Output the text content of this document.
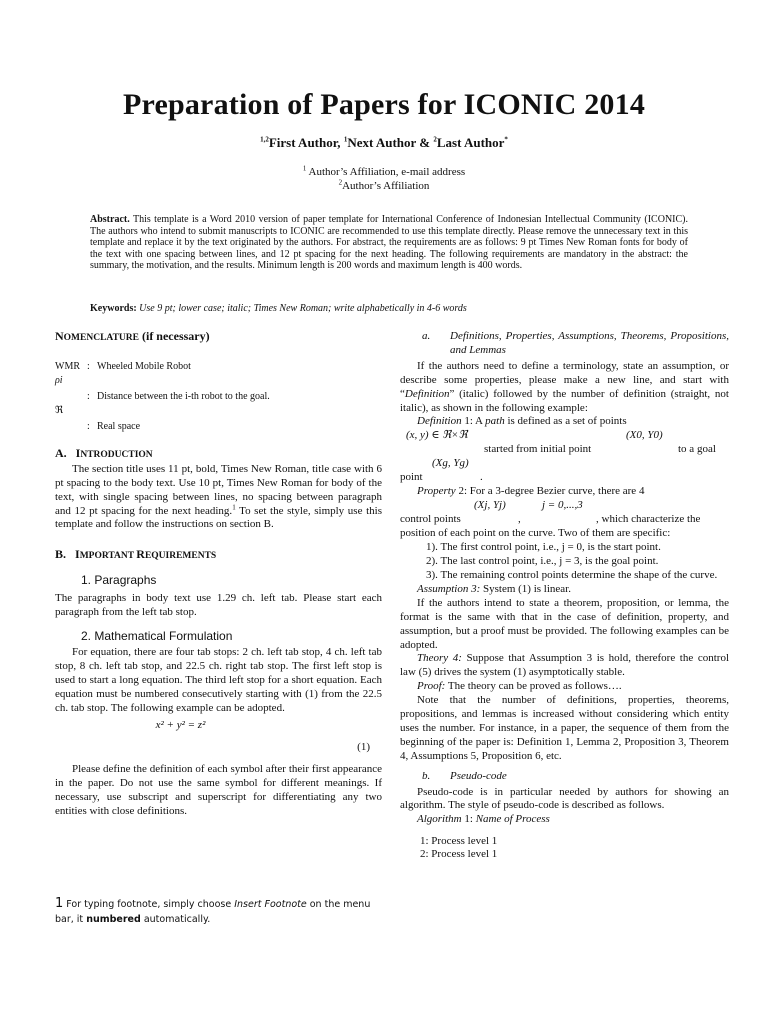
Preparation of Papers for ICONIC 2014
$^{1,2}$First Author, $^1$Next Author & $^2$Last Author*
$^1$ Author’s Affiliation, e-mail address
$^2$Author’s Affiliation
Abstract. This template is a Word 2010 version of paper template for International Conference of Indonesian Intellectual Community (ICONIC). The authors who intend to submit manuscripts to ICONIC are recommended to use this template directly. Please remove the unnecessary text in this template and replace it by the text originated by the authors. For abstract, the requirements are as follows: 9 pt Times New Roman fonts for body of the text with one spacing between lines, and 12 pt spacing for the next heading. The following requirements are mandatory in the abstract: the summary, the motivation, and the results. Minimum length is 200 words and maximum length is 400 words.
Keywords: Use 9 pt; lower case; italic; Times New Roman; write alphabetically in 4-6 words

NOMENCLATURE (if necessary)

WMR : Wheeled Mobile Robot
ρi
: Distance between the i-th robot to the goal.
ℜ
: Real space

A. INTRODUCTION

The section title uses 11 pt, bold, Times New Roman, title case with 6 pt spacing to the body text. Use 10 pt, Times New Roman for body of the text, with single spacing between lines, no spacing between paragraph and 12 pt spacing for the next heading.$^1$ To set the style, simply use this template and follow the instructions on section B.

B. IMPORTANT REQUIREMENTS

1. Paragraphs

The paragraphs in body text use 1.29 ch. left tab. Please start each paragraph from the left tab stop.

2. Mathematical Formulation

For equation, there are four tab stops: 2 ch. left tab stop, 4 ch. left tab stop, 8 ch. left tab stop, and 22.5 ch. right tab stop. The first left stop is used to start a long equation. The third left stop for a short equation. Each equation must be numbered consecutively starting with (1) from the 22.5 ch. tab stop. The following example can be adopted.

x² + y² = z²
(1)

Please define the definition of each symbol after their first appearance in the paper. Do not use the same symbol for different meanings. If necessary, use subscript and superscript for differentiating any two entities with close definitions.

1 For typing footnote, simply choose Insert Footnote on the menu bar, it numbered automatically.
a.	Definitions, Properties, Assumptions, Theorems, Propositions, and Lemmas

If the authors need to define a terminology, state an assumption, or describe some properties, please make a new line, and start with “Definition” (italic) followed by the number of definition (straight, not italic), as shown in the following example:

Definition 1: A path is defined as a set of points

(x, y) ∈ ℜ×ℜ	(X0, Y0)
started from initial point	to a goal
(Xg, Yg)
point	.

Property 2: For a 3-degree Bezier curve, there are 4

(Xj, Yj)	j = 0,...,3
control points	,	, which characterize the

position of each point on the curve. Two of them are specific:

1). The first control point, i.e., j = 0, is the start point.

2). The last control point, i.e., j = 3, is the goal point.

3). The remaining control points determine the shape of the curve.

Assumption 3: System (1) is linear.

If the authors intend to state a theorem, proposition, or lemma, the format is the same with that in the case of definition, property, and assumption, but a proof must be provided. The following examples can be adopted.

Theory 4: Suppose that Assumption 3 is hold, therefore the control law (5) drives the system (1) asymptotically stable.

Proof: The theory can be proved as follows….

Note that the number of definitions, properties, theorems, propositions, and lemmas is increased without considering which entity uses the number. For instance, in a paper, the sequence of them from the beginning of the paper is: Definition 1, Lemma 2, Proposition 3, Theorem 4, Assumptions 5, Proposition 6, etc.

b.	Pseudo-code

Pseudo-code is in particular needed by authors for showing an algorithm. The style of pseudo-code is described as follows.

Algorithm 1: Name of Process

1: Process level 1

2: Process level 1
